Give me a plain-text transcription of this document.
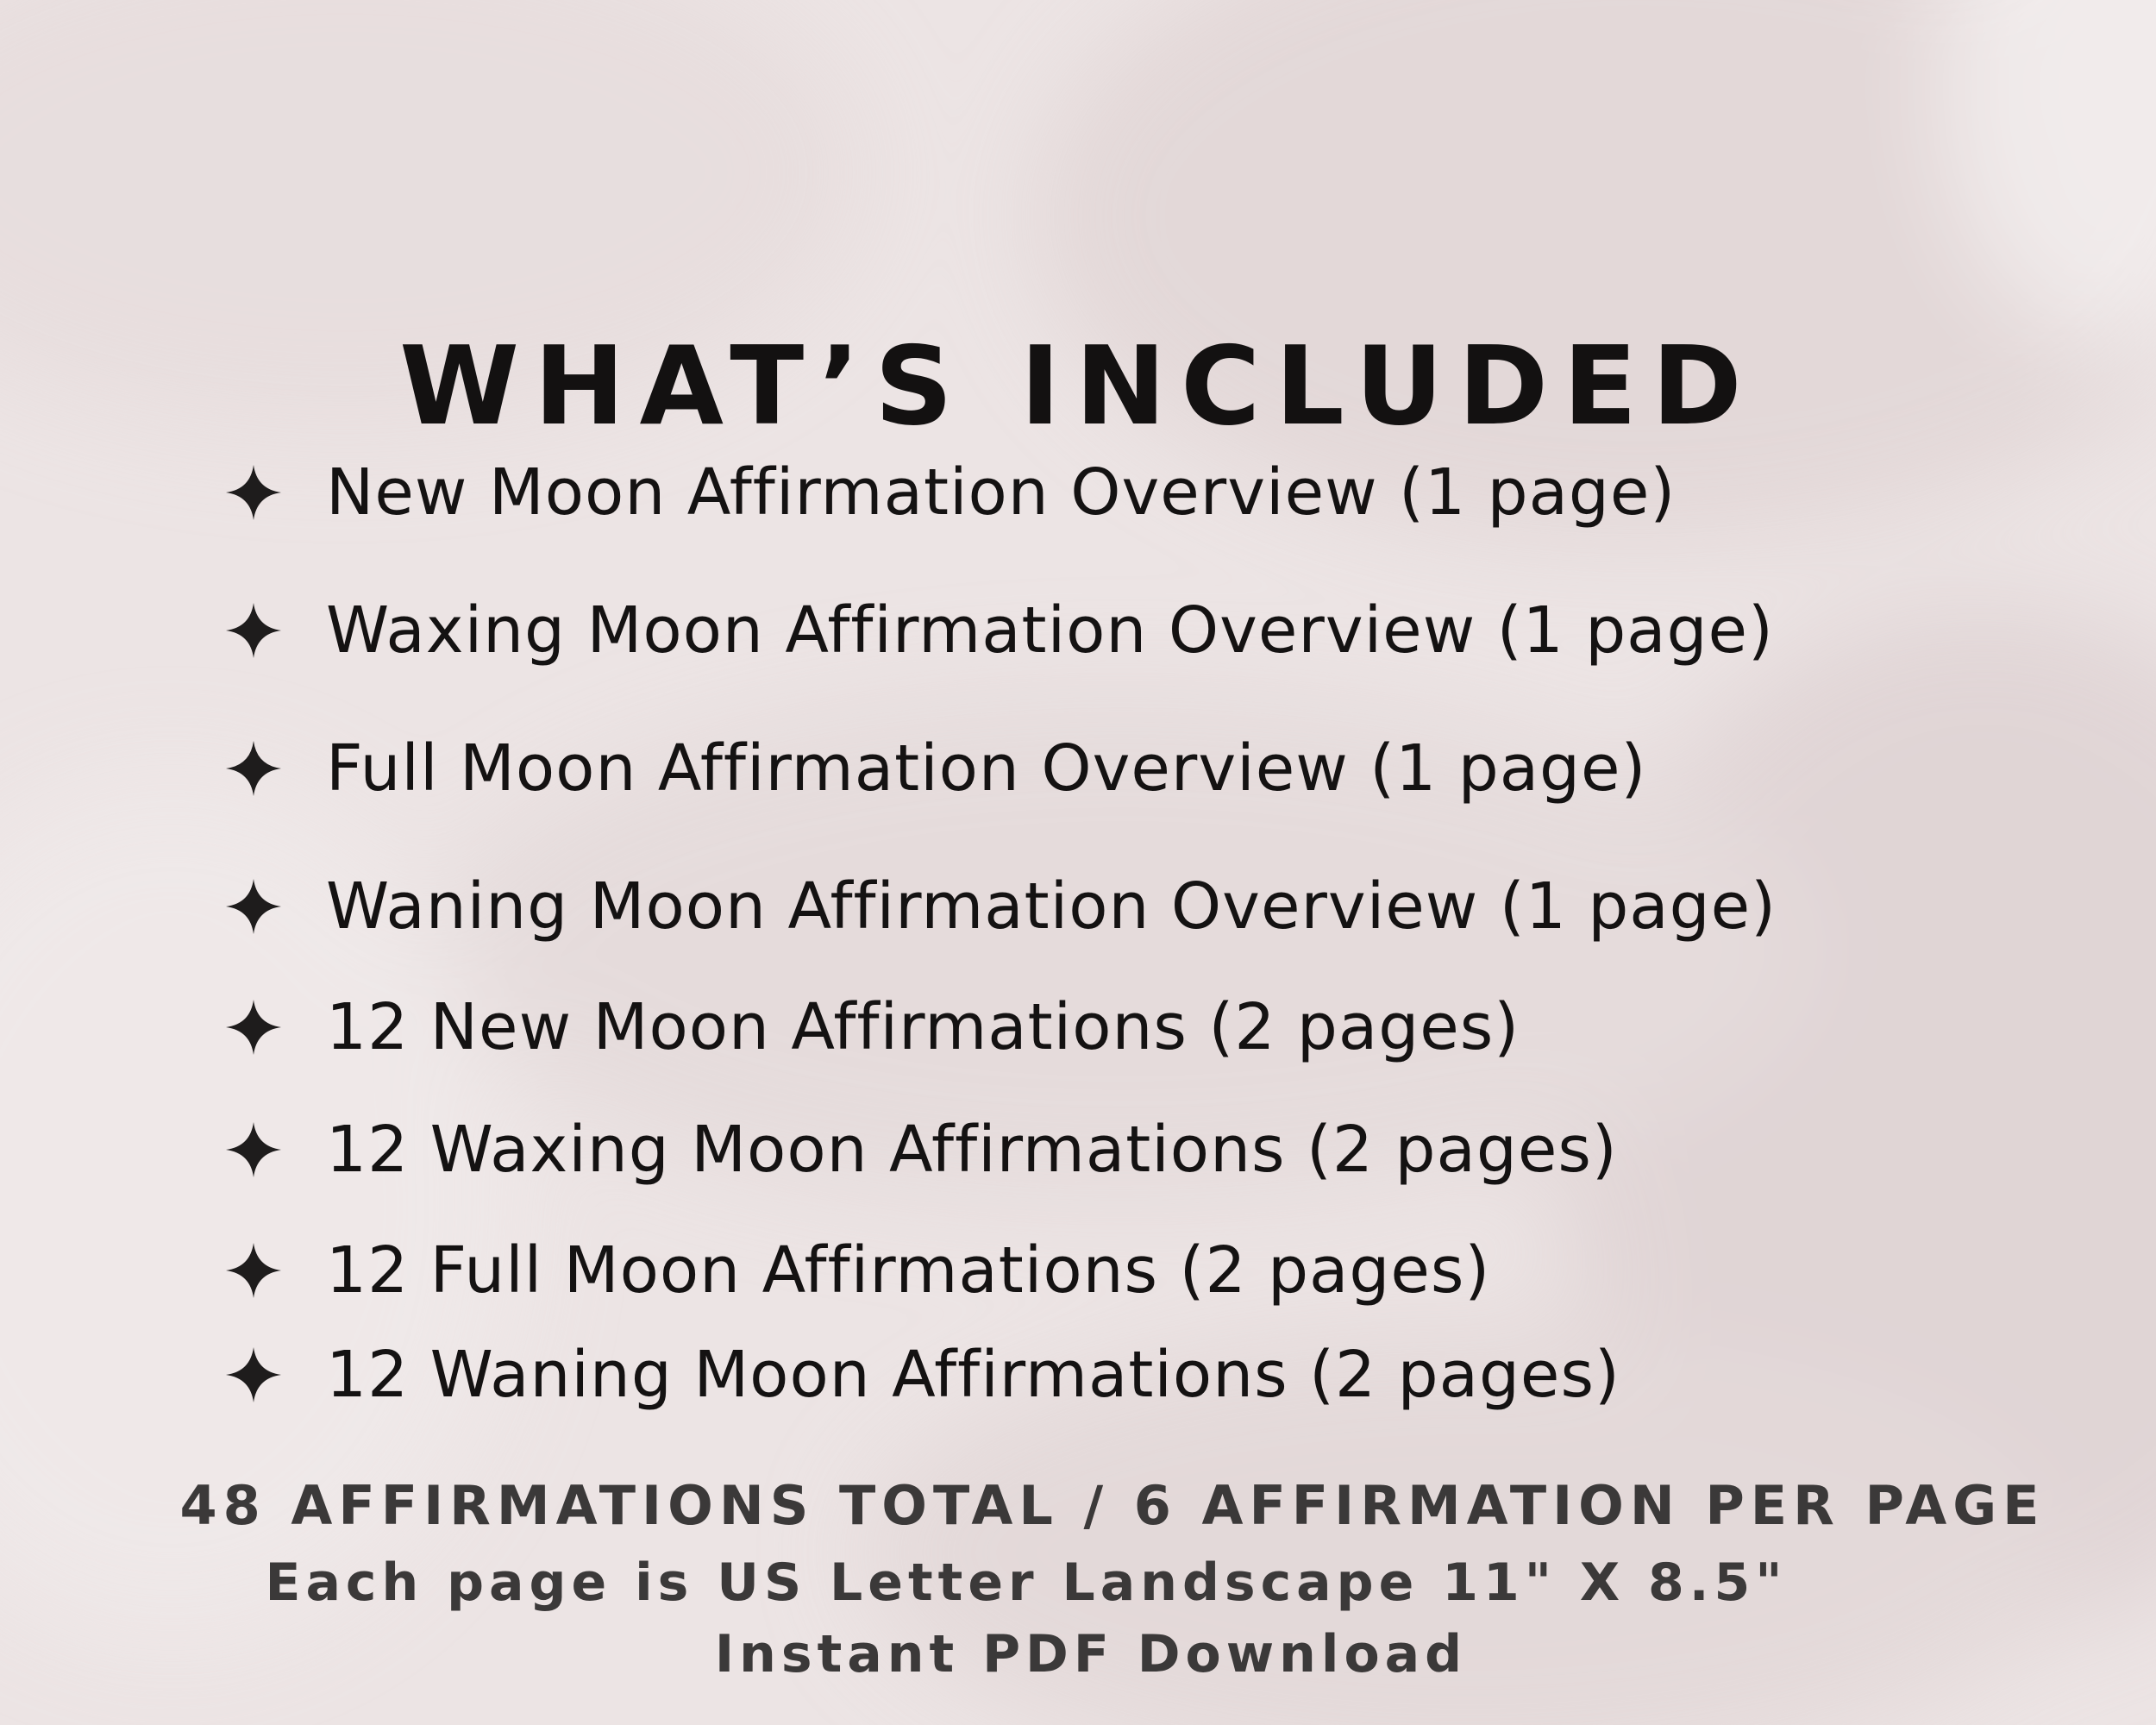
WHAT’S INCLUDED
New Moon Affirmation Overview (1 page)
Waxing Moon Affirmation Overview (1 page)
Full Moon Affirmation Overview (1 page)
Waning Moon Affirmation Overview (1 page)
12 New Moon Affirmations (2 pages)
12 Waxing Moon Affirmations (2 pages)
12 Full Moon Affirmations (2 pages)
12 Waning Moon Affirmations (2 pages)

48 AFFIRMATIONS TOTAL / 6 AFFIRMATION PER PAGE

Each page is US Letter Landscape 11" X 8.5"

Instant PDF Download
